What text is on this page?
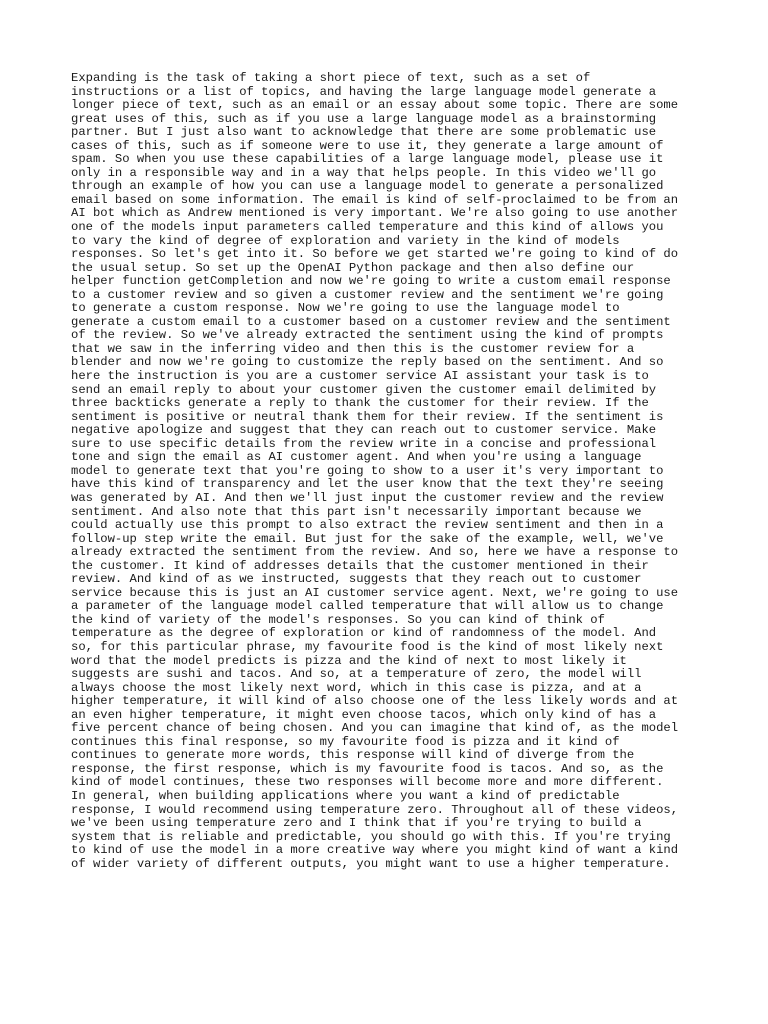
Expanding is the task of taking a short piece of text, such as a set of
instructions or a list of topics, and having the large language model generate a
longer piece of text, such as an email or an essay about some topic. There are some
great uses of this, such as if you use a large language model as a brainstorming
partner. But I just also want to acknowledge that there are some problematic use
cases of this, such as if someone were to use it, they generate a large amount of
spam. So when you use these capabilities of a large language model, please use it
only in a responsible way and in a way that helps people. In this video we'll go
through an example of how you can use a language model to generate a personalized
email based on some information. The email is kind of self-proclaimed to be from an
AI bot which as Andrew mentioned is very important. We're also going to use another
one of the models input parameters called temperature and this kind of allows you
to vary the kind of degree of exploration and variety in the kind of models
responses. So let's get into it. So before we get started we're going to kind of do
the usual setup. So set up the OpenAI Python package and then also define our
helper function getCompletion and now we're going to write a custom email response
to a customer review and so given a customer review and the sentiment we're going
to generate a custom response. Now we're going to use the language model to
generate a custom email to a customer based on a customer review and the sentiment
of the review. So we've already extracted the sentiment using the kind of prompts
that we saw in the inferring video and then this is the customer review for a
blender and now we're going to customize the reply based on the sentiment. And so
here the instruction is you are a customer service AI assistant your task is to
send an email reply to about your customer given the customer email delimited by
three backticks generate a reply to thank the customer for their review. If the
sentiment is positive or neutral thank them for their review. If the sentiment is
negative apologize and suggest that they can reach out to customer service. Make
sure to use specific details from the review write in a concise and professional
tone and sign the email as AI customer agent. And when you're using a language
model to generate text that you're going to show to a user it's very important to
have this kind of transparency and let the user know that the text they're seeing
was generated by AI. And then we'll just input the customer review and the review
sentiment. And also note that this part isn't necessarily important because we
could actually use this prompt to also extract the review sentiment and then in a
follow-up step write the email. But just for the sake of the example, well, we've
already extracted the sentiment from the review. And so, here we have a response to
the customer. It kind of addresses details that the customer mentioned in their
review. And kind of as we instructed, suggests that they reach out to customer
service because this is just an AI customer service agent. Next, we're going to use
a parameter of the language model called temperature that will allow us to change
the kind of variety of the model's responses. So you can kind of think of
temperature as the degree of exploration or kind of randomness of the model. And
so, for this particular phrase, my favourite food is the kind of most likely next
word that the model predicts is pizza and the kind of next to most likely it
suggests are sushi and tacos. And so, at a temperature of zero, the model will
always choose the most likely next word, which in this case is pizza, and at a
higher temperature, it will kind of also choose one of the less likely words and at
an even higher temperature, it might even choose tacos, which only kind of has a
five percent chance of being chosen. And you can imagine that kind of, as the model
continues this final response, so my favourite food is pizza and it kind of
continues to generate more words, this response will kind of diverge from the
response, the first response, which is my favourite food is tacos. And so, as the
kind of model continues, these two responses will become more and more different.
In general, when building applications where you want a kind of predictable
response, I would recommend using temperature zero. Throughout all of these videos,
we've been using temperature zero and I think that if you're trying to build a
system that is reliable and predictable, you should go with this. If you're trying
to kind of use the model in a more creative way where you might kind of want a kind
of wider variety of different outputs, you might want to use a higher temperature.
